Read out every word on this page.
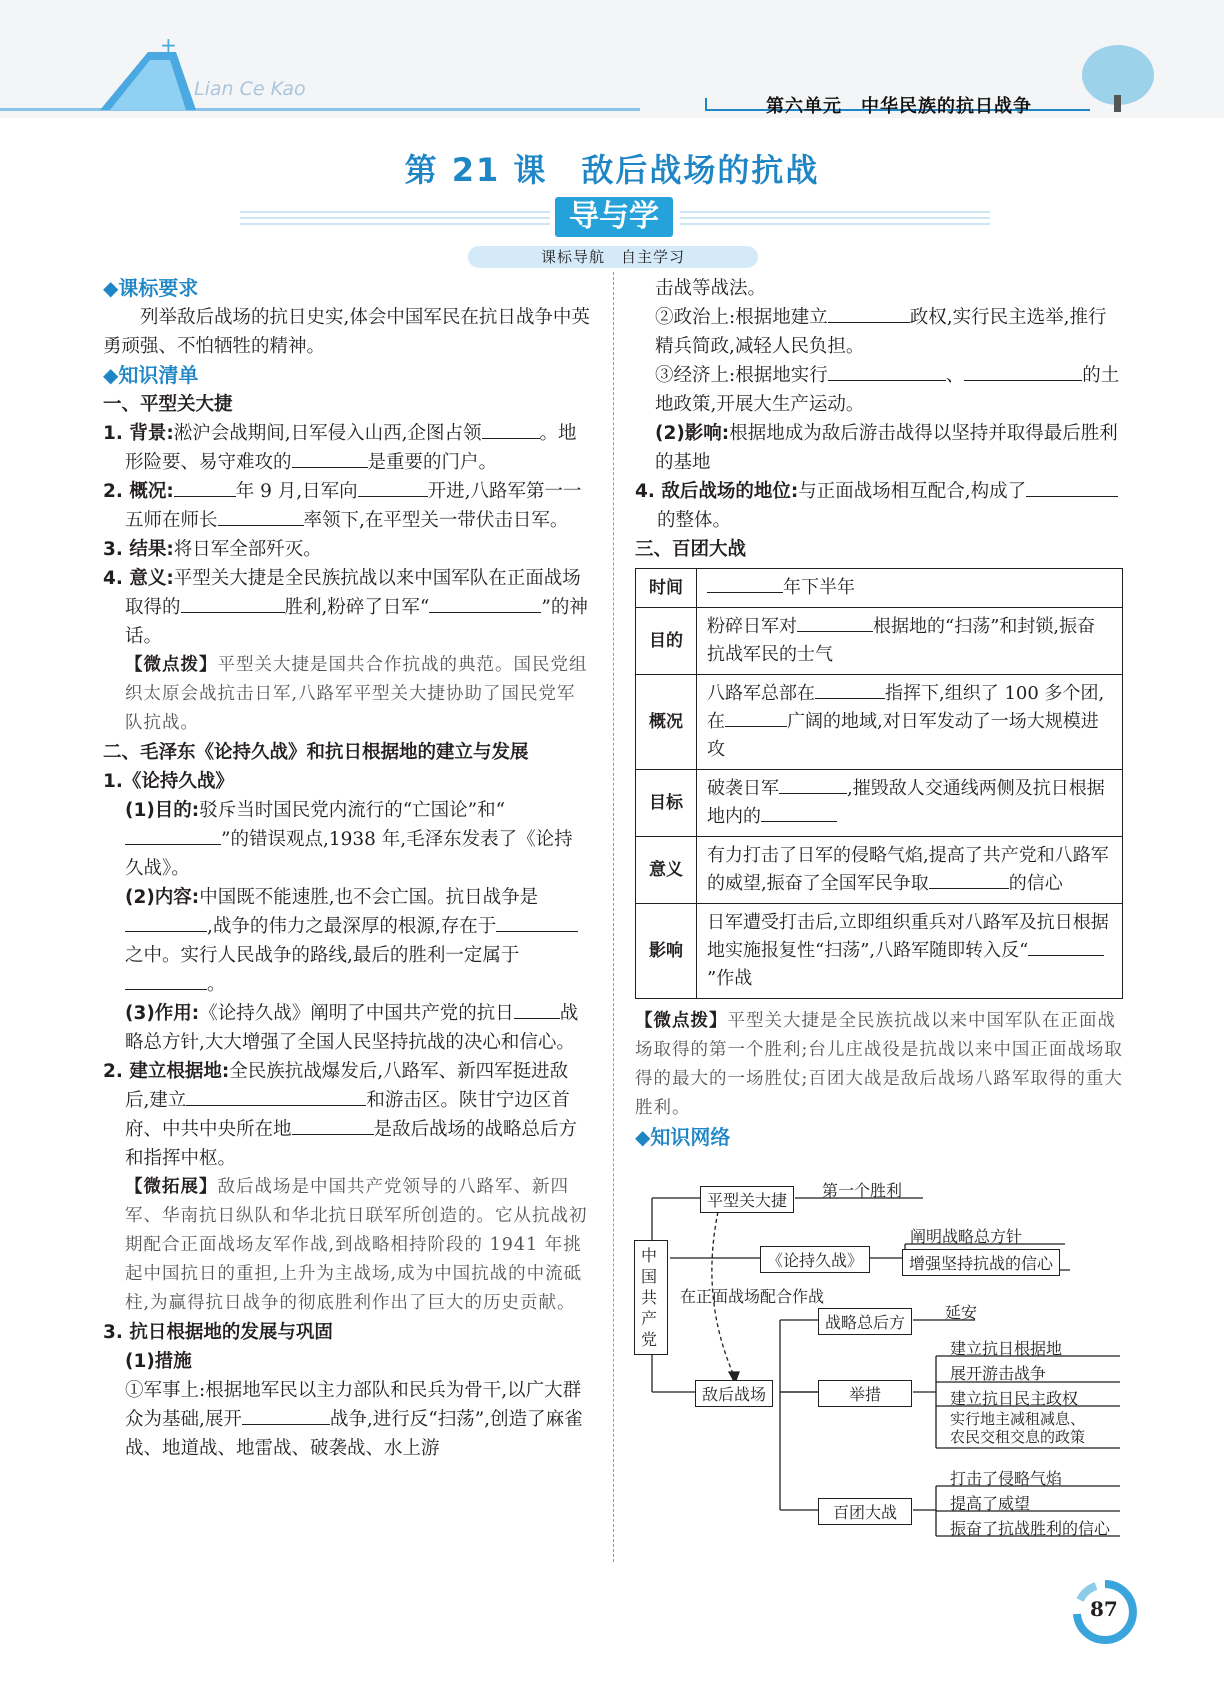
+
Lian Ce Kao
第六单元　中华民族的抗日战争
第 21 课　敌后战场的抗战
导与学
课标导航　自主学习

◆课标要求

列举敌后战场的抗日史实,体会中国军民在抗日战争中英勇顽强、不怕牺牲的精神。

◆知识清单

一、平型关大捷

1. 背景:淞沪会战期间,日军侵入山西,企图占领	。地形险要、易守难攻的	是重要的门户。

2. 概况:	年 9 月,日军向	开进,八路军第一一五师在师长	率领下,在平型关一带伏击日军。

3. 结果:将日军全部歼灭。

4. 意义:平型关大捷是全民族抗战以来中国军队在正面战场取得的	胜利,粉碎了日军“	”的神话。

【微点拨】平型关大捷是国共合作抗战的典范。国民党组织太原会战抗击日军,八路军平型关大捷协助了国民党军队抗战。

二、毛泽东《论持久战》和抗日根据地的建立与发展

1.《论持久战》

(1)目的:驳斥当时国民党内流行的“亡国论”和“”的错误观点,1938 年,毛泽东发表了《论持久战》。

(2)内容:中国既不能速胜,也不会亡国。抗日战争是,战争的伟力之最深厚的根源,存在于之中。实行人民战争的路线,最后的胜利一定属于。

(3)作用:《论持久战》阐明了中国共产党的抗日 战略总方针,大大增强了全国人民坚持抗战的决心和信心。

2. 建立根据地:全民族抗战爆发后,八路军、新四军挺进敌后,建立	和游击区。陕甘宁边区首府、中共中央所在地	是敌后战场的战略总后方和指挥中枢。

【微拓展】敌后战场是中国共产党领导的八路军、新四军、华南抗日纵队和华北抗日联军所创造的。它从抗战初期配合正面战场友军作战,到战略相持阶段的 1941 年挑起中国抗日的重担,上升为主战场,成为中国抗战的中流砥柱,为赢得抗日战争的彻底胜利作出了巨大的历史贡献。

3. 抗日根据地的发展与巩固

(1)措施

①军事上:根据地军民以主力部队和民兵为骨干,以广大群众为基础,展开	战争,进行反“扫荡”,创造了麻雀战、地道战、地雷战、破袭战、水上游

击战等战法。

②政治上:根据地建立	政权,实行民主选举,推行精兵简政,减轻人民负担。

③经济上:根据地实行	、	的土地政策,开展大生产运动。

(2)影响:根据地成为敌后游击战得以坚持并取得最后胜利的基地

4. 敌后战场的地位:与正面战场相互配合,构成了的整体。

三、百团大战

时间	年下半年
目的	粉碎日军对 根据地的“扫荡”和封锁,振奋抗战军民的士气
概况	八路军总部在 指挥下,组织了 100 多个团,在 广阔的地域,对日军发动了一场大规模进攻
目标	破袭日军 ,摧毁敌人交通线两侧及抗日根据地内的
意义	有力打击了日军的侵略气焰,提高了共产党和八路军的威望,振奋了全国军民争取 的信心
影响	日军遭受打击后,立即组织重兵对八路军及抗日根据地实施报复性“扫荡”,八路军随即转入反“”作战

【微点拨】平型关大捷是全民族抗战以来中国军队在正面战场取得的第一个胜利;台儿庄战役是抗战以来中国正面战场取得的最大的一场胜仗;百团大战是敌后战场八路军取得的重大胜利。

◆知识网络

中国共产党
平型关大捷
第一个胜利
《论持久战》
阐明战略总方针
增强坚持抗战的信心
在正面战场配合作战
敌后战场
战略总后方
延安
举措
建立抗日根据地
展开游击战争
建立抗日民主政权
实行地主减租减息、
农民交租交息的政策
百团大战
打击了侵略气焰
提高了威望
振奋了抗战胜利的信心
87
